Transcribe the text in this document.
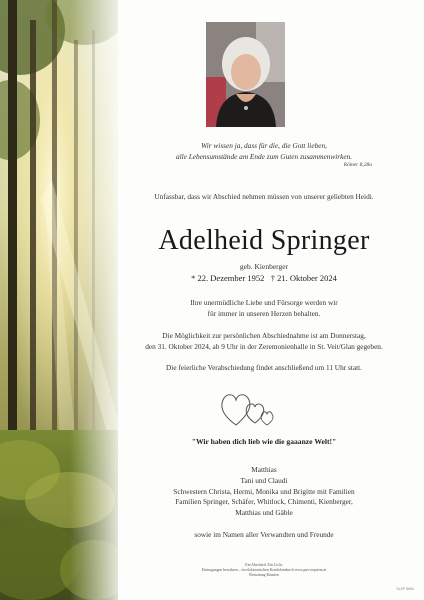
Wir wissen ja, dass für die, die Gott lieben,
alle Lebensumstände am Ende zum Guten zusammenwirken.
Römer 8,28a
Unfassbar, dass wir Abschied nehmen müssen von unserer geliebten Heidi.
Adelheid Springer
geb. Kienberger
* 22. Dezember 1952   † 21. Oktober 2024
Ihre unermüdliche Liebe und Fürsorge werden wir
für immer in unseren Herzen behalten.
Die Möglichkeit zur persönlichen Abschiednahme ist am Donnerstag,
den 31. Oktober 2024, ab 9 Uhr in der Zeremonienhalle in St. Veit/Glan gegeben.
Die feierliche Verabschiedung findet anschließend um 11 Uhr statt.
"Wir haben dich lieb wie die gaaanze Welt!"
Matthias
Tani und Claudi
Schwestern Christa, Hermi, Monika und Brigitte mit Familien
Familien Springer, Schäfer, Whitlock, Chimenti, Kienberger,
Matthias und Gäble
sowie im Namen aller Verwandten und Freunde
Ein Abschied. Ein Licht.
Eintragungen bewahren – im elektronischen Kondolenzbuch www.pax-requiem.at
Bestattung Kärnten
SLEP 8654
